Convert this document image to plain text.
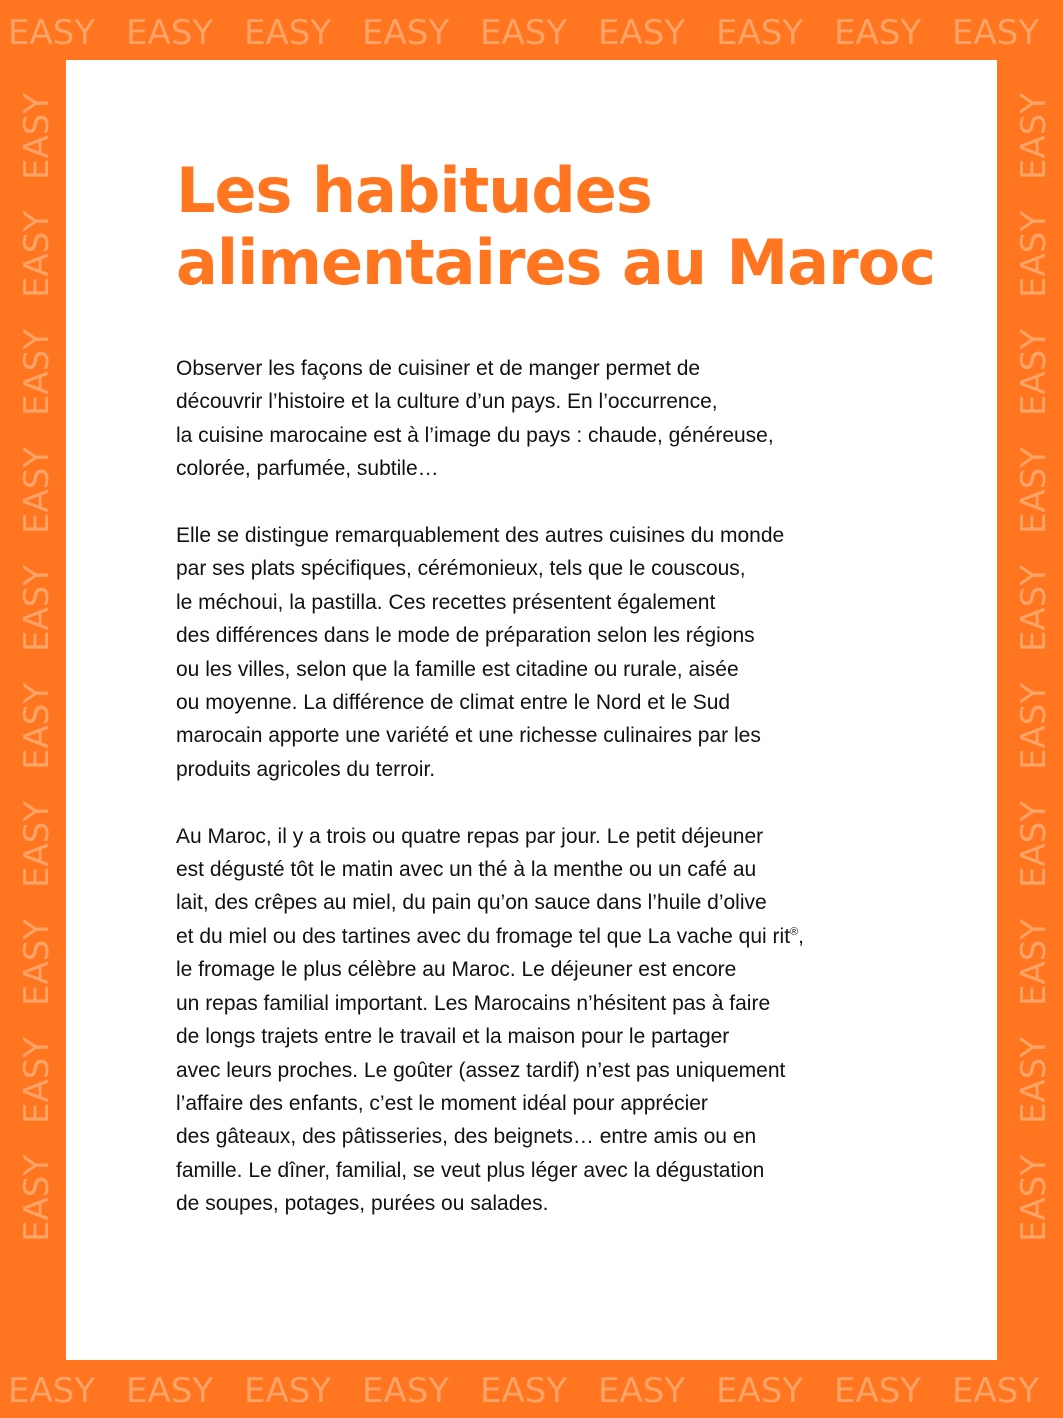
EASY
EASY
EASY
EASY
EASY
EASY
EASY
EASY
EASY
EASY
EASY
EASY
EASY
EASY
EASY
EASY
EASY
EASY
EASY	EASY
EASY	EASY
EASY	EASY
EASY	EASY
EASY	EASY
EASY	EASY
EASY	EASY
EASY	EASY
EASY	EASY
EASY	EASY
Les habitudes
alimentaires au Maroc

Observer les façons de cuisiner et de manger permet de
découvrir l’histoire et la culture d’un pays. En l’occurrence,
la cuisine marocaine est à l’image du pays : chaude, généreuse,
colorée, parfumée, subtile…

Elle se distingue remarquablement des autres cuisines du monde
par ses plats spécifiques, cérémonieux, tels que le couscous,
le méchoui, la pastilla. Ces recettes présentent également
des différences dans le mode de préparation selon les régions
ou les villes, selon que la famille est citadine ou rurale, aisée
ou moyenne. La différence de climat entre le Nord et le Sud
marocain apporte une variété et une richesse culinaires par les
produits agricoles du terroir.

Au Maroc, il y a trois ou quatre repas par jour. Le petit déjeuner
est dégusté tôt le matin avec un thé à la menthe ou un café au
lait, des crêpes au miel, du pain qu’on sauce dans l’huile d’olive
et du miel ou des tartines avec du fromage tel que La vache qui rit®,
le fromage le plus célèbre au Maroc. Le déjeuner est encore
un repas familial important. Les Marocains n’hésitent pas à faire
de longs trajets entre le travail et la maison pour le partager
avec leurs proches. Le goûter (assez tardif) n’est pas uniquement
l’affaire des enfants, c’est le moment idéal pour apprécier
des gâteaux, des pâtisseries, des beignets… entre amis ou en
famille. Le dîner, familial, se veut plus léger avec la dégustation
de soupes, potages, purées ou salades.
